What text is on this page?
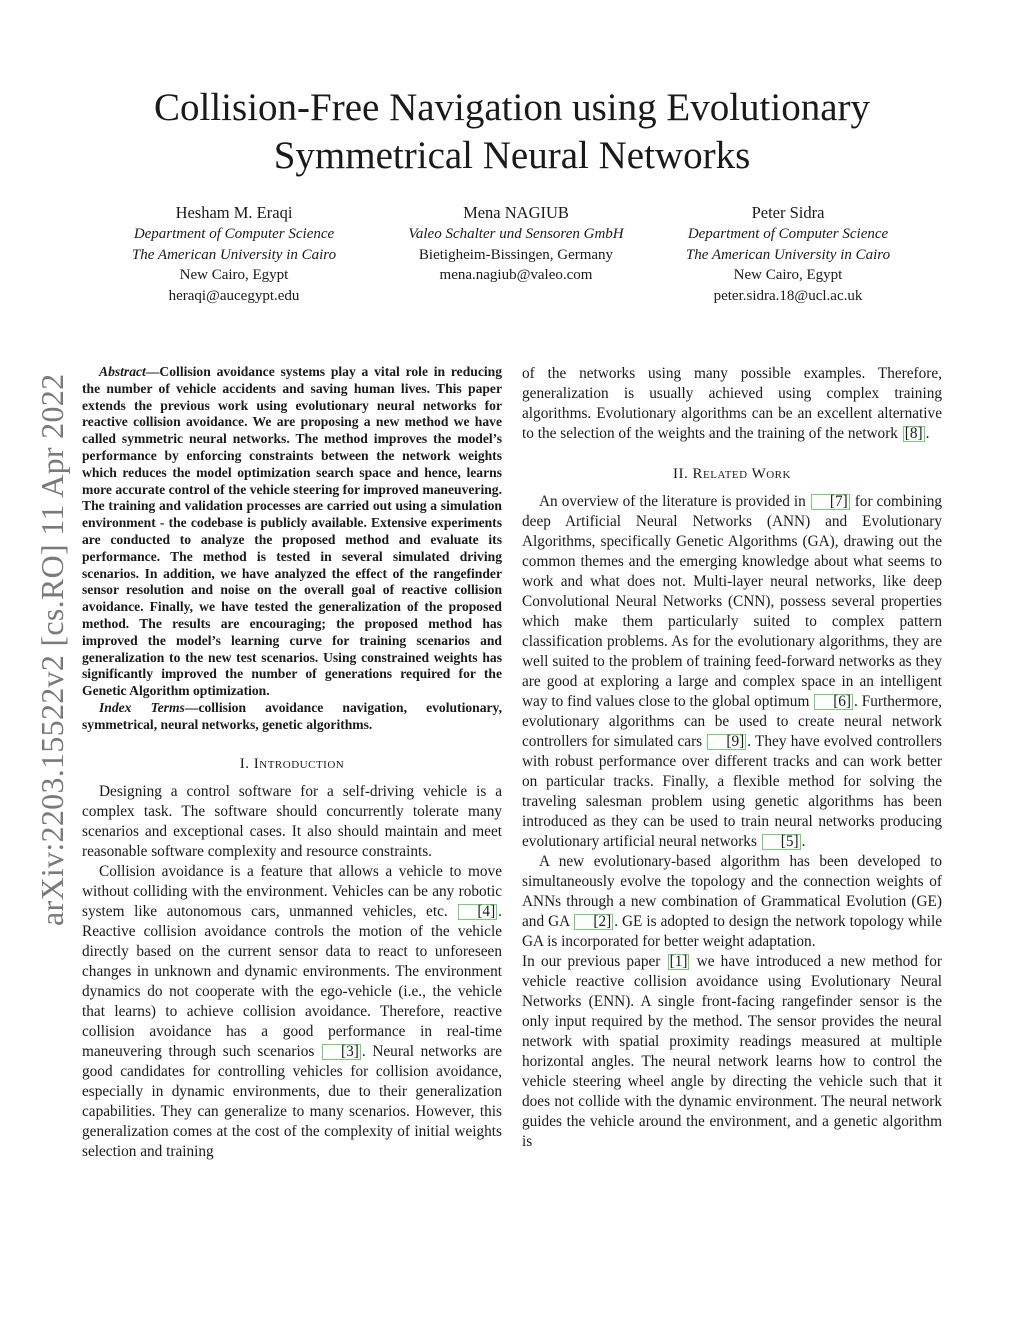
Collision-Free Navigation using Evolutionary Symmetrical Neural Networks
Hesham M. Eraqi
Department of Computer Science
The American University in Cairo
New Cairo, Egypt
heraqi@aucegypt.edu
Mena NAGIUB
Valeo Schalter und Sensoren GmbH
Bietigheim-Bissingen, Germany
mena.nagiub@valeo.com
Peter Sidra
Department of Computer Science
The American University in Cairo
New Cairo, Egypt
peter.sidra.18@ucl.ac.uk
arXiv:2203.15522v2 [cs.RO] 11 Apr 2022

Abstract—Collision avoidance systems play a vital role in reducing the number of vehicle accidents and saving human lives. This paper extends the previous work using evolutionary neural networks for reactive collision avoidance. We are proposing a new method we have called symmetric neural networks. The method improves the model’s performance by enforcing constraints between the network weights which reduces the model optimization search space and hence, learns more accurate control of the vehicle steering for improved maneuvering. The training and validation processes are carried out using a simulation environment - the codebase is publicly available. Extensive experiments are conducted to analyze the proposed method and evaluate its performance. The method is tested in several simulated driving scenarios. In addition, we have analyzed the effect of the rangefinder sensor resolution and noise on the overall goal of reactive collision avoidance. Finally, we have tested the generalization of the proposed method. The results are encouraging; the proposed method has improved the model’s learning curve for training scenarios and generalization to the new test scenarios. Using constrained weights has significantly improved the number of generations required for the Genetic Algorithm optimization.

Index Terms—collision avoidance navigation, evolutionary, symmetrical, neural networks, genetic algorithms.

I. Introduction

Designing a control software for a self-driving vehicle is a complex task. The software should concurrently tolerate many scenarios and exceptional cases. It also should maintain and meet reasonable software complexity and resource constraints.

Collision avoidance is a feature that allows a vehicle to move without colliding with the environment. Vehicles can be any robotic system like autonomous cars, unmanned vehicles, etc. [4] . Reactive collision avoidance controls the motion of the vehicle directly based on the current sensor data to react to unforeseen changes in unknown and dynamic environments. The environment dynamics do not cooperate with the ego-vehicle (i.e., the vehicle that learns) to achieve collision avoidance. Therefore, reactive collision avoidance has a good performance in real-time maneuvering through such scenarios [3] . Neural networks are good candidates for controlling vehicles for collision avoidance, especially in dynamic environments, due to their generalization capabilities. They can generalize to many scenarios. However, this generalization comes at the cost of the complexity of initial weights selection and training

of the networks using many possible examples. Therefore, generalization is usually achieved using complex training algorithms. Evolutionary algorithms can be an excellent alternative to the selection of the weights and the training of the network [8] .

II. Related Work

An overview of the literature is provided in [7] for combining deep Artificial Neural Networks (ANN) and Evolutionary Algorithms, specifically Genetic Algorithms (GA), drawing out the common themes and the emerging knowledge about what seems to work and what does not. Multi-layer neural networks, like deep Convolutional Neural Networks (CNN), possess several properties which make them particularly suited to complex pattern classification problems. As for the evolutionary algorithms, they are well suited to the problem of training feed-forward networks as they are good at exploring a large and complex space in an intelligent way to find values close to the global optimum [6] . Furthermore, evolutionary algorithms can be used to create neural network controllers for simulated cars [9] . They have evolved controllers with robust performance over different tracks and can work better on particular tracks. Finally, a flexible method for solving the traveling salesman problem using genetic algorithms has been introduced as they can be used to train neural networks producing evolutionary artificial neural networks [5] .

A new evolutionary-based algorithm has been developed to simultaneously evolve the topology and the connection weights of ANNs through a new combination of Grammatical Evolution (GE) and GA [2] . GE is adopted to design the network topology while GA is incorporated for better weight adaptation.

In our previous paper [1] we have introduced a new method for vehicle reactive collision avoidance using Evolutionary Neural Networks (ENN). A single front-facing rangefinder sensor is the only input required by the method. The sensor provides the neural network with spatial proximity readings measured at multiple horizontal angles. The neural network learns how to control the vehicle steering wheel angle by directing the vehicle such that it does not collide with the dynamic environment. The neural network guides the vehicle around the environment, and a genetic algorithm is
